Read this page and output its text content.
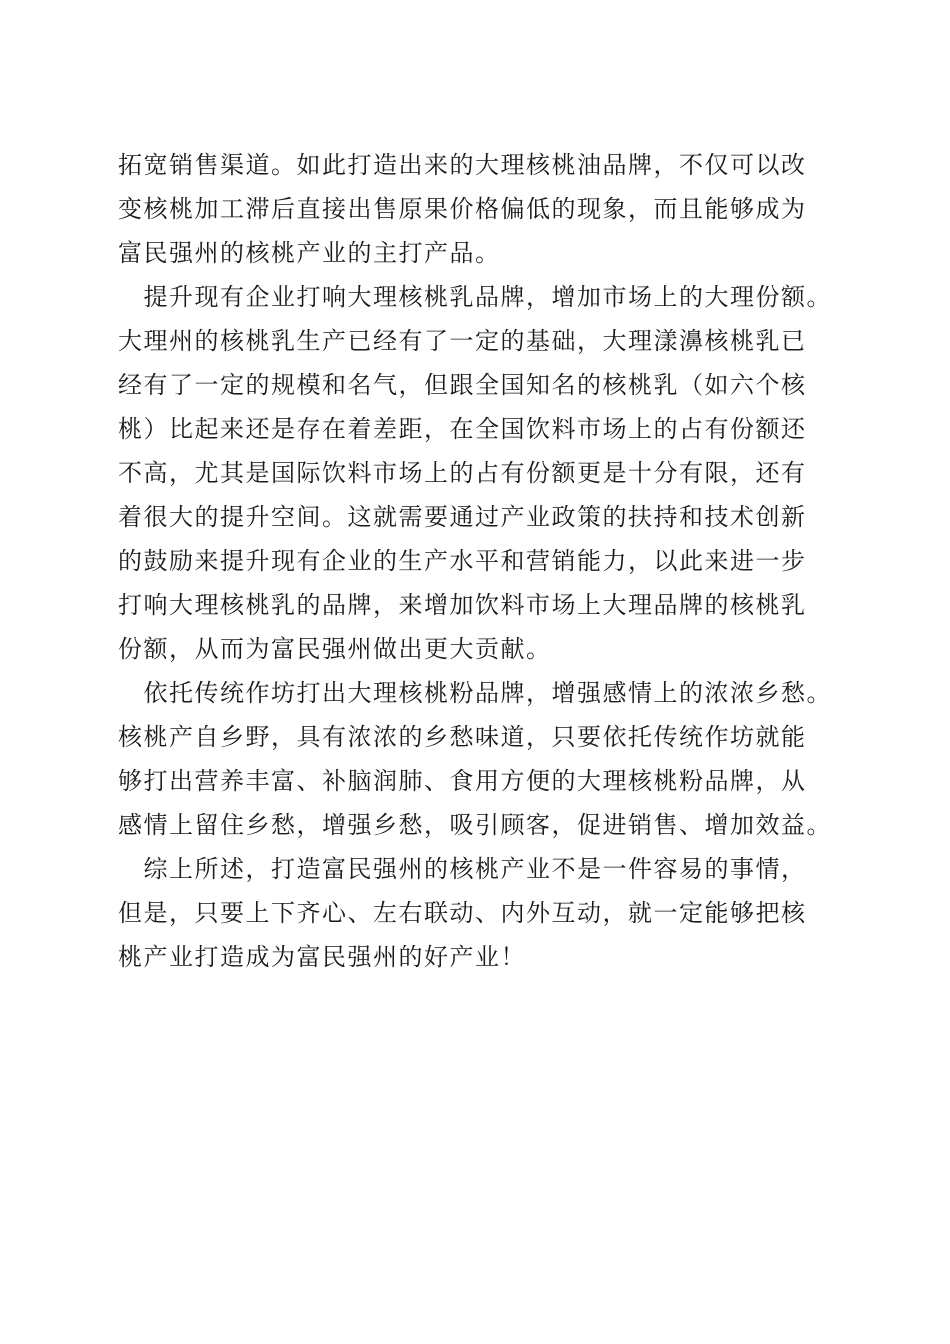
拓宽销售渠道。如此打造出来的大理核桃油品牌，不仅可以改
变核桃加工滞后直接出售原果价格偏低的现象，而且能够成为
富民强州的核桃产业的主打产品。
　提升现有企业打响大理核桃乳品牌，增加市场上的大理份额。
大理州的核桃乳生产已经有了一定的基础，大理漾濞核桃乳已
经有了一定的规模和名气，但跟全国知名的核桃乳（如六个核
桃）比起来还是存在着差距，在全国饮料市场上的占有份额还
不高，尤其是国际饮料市场上的占有份额更是十分有限，还有
着很大的提升空间。这就需要通过产业政策的扶持和技术创新
的鼓励来提升现有企业的生产水平和营销能力，以此来进一步
打响大理核桃乳的品牌，来增加饮料市场上大理品牌的核桃乳
份额，从而为富民强州做出更大贡献。
　依托传统作坊打出大理核桃粉品牌，增强感情上的浓浓乡愁。
核桃产自乡野，具有浓浓的乡愁味道，只要依托传统作坊就能
够打出营养丰富、补脑润肺、食用方便的大理核桃粉品牌，从
感情上留住乡愁，增强乡愁，吸引顾客，促进销售、增加效益。
　综上所述，打造富民强州的核桃产业不是一件容易的事情，
但是，只要上下齐心、左右联动、内外互动，就一定能够把核
桃产业打造成为富民强州的好产业！
